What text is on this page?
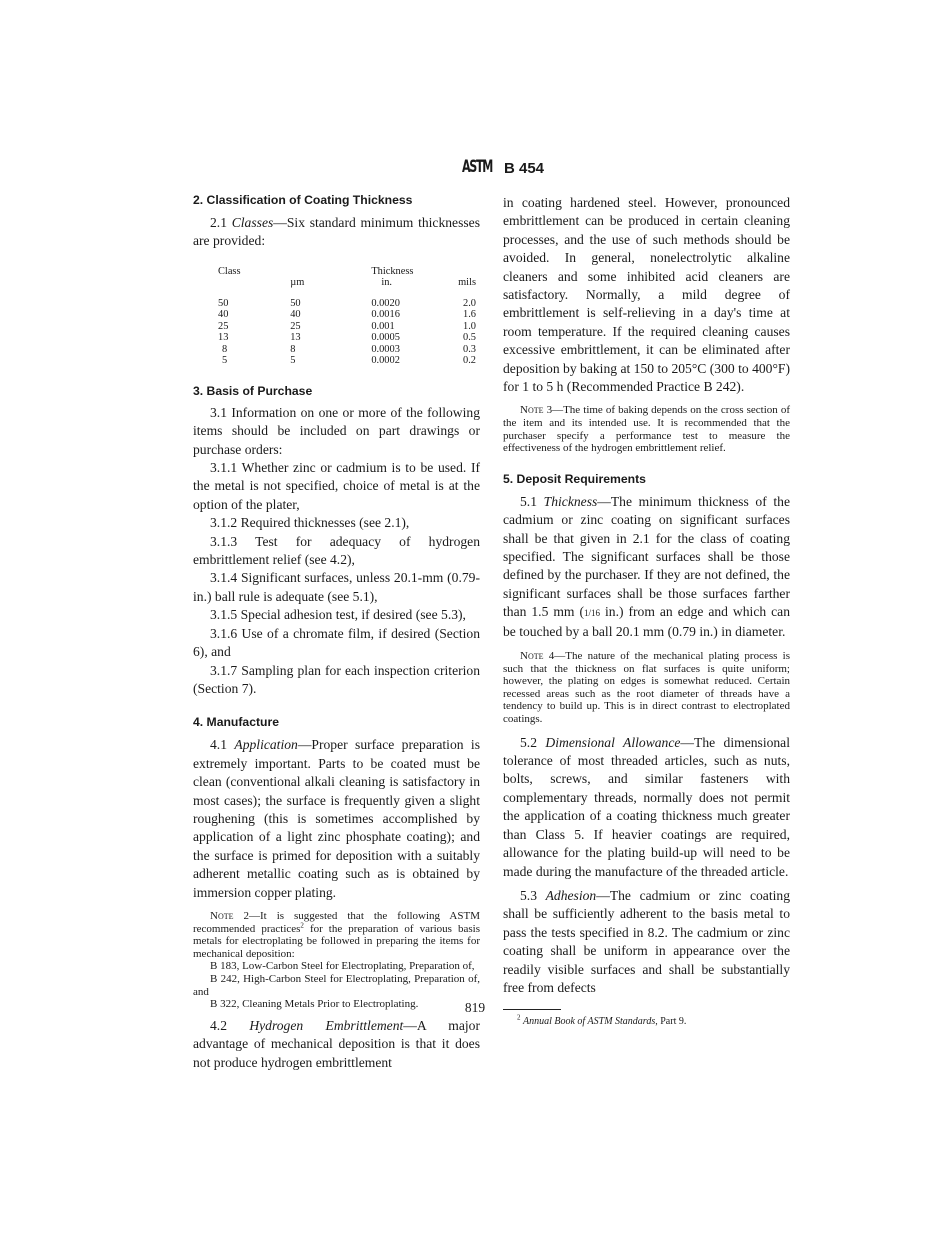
ASTM B 454
2. Classification of Coating Thickness

2.1 Classes—Six standard minimum thicknesses are provided:

Class		Thickness	
	µm	in.	mils

50	50	0.0020	2.0
40	40	0.0016	1.6
25	25	0.001	1.0
13	13	0.0005	0.5
8	8	0.0003	0.3
5	5	0.0002	0.2
3. Basis of Purchase

3.1 Information on one or more of the following items should be included on part drawings or purchase orders:

3.1.1 Whether zinc or cadmium is to be used. If the metal is not specified, choice of metal is at the option of the plater,

3.1.2 Required thicknesses (see 2.1),

3.1.3 Test for adequacy of hydrogen embrittlement relief (see 4.2),

3.1.4 Significant surfaces, unless 20.1-mm (0.79-in.) ball rule is adequate (see 5.1),

3.1.5 Special adhesion test, if desired (see 5.3),

3.1.6 Use of a chromate film, if desired (Section 6), and

3.1.7 Sampling plan for each inspection criterion (Section 7).

4. Manufacture

4.1 Application—Proper surface preparation is extremely important. Parts to be coated must be clean (conventional alkali cleaning is satisfactory in most cases); the surface is frequently given a slight roughening (this is sometimes accomplished by application of a light zinc phosphate coating); and the surface is primed for deposition with a suitably adherent metallic coating such as is obtained by immersion copper plating.

Note 2—It is suggested that the following ASTM recommended practices$^2$ for the preparation of various basis metals for electroplating be followed in preparing the items for mechanical deposition:

B 183, Low-Carbon Steel for Electroplating, Preparation of,

B 242, High-Carbon Steel for Electroplating, Preparation of, and

B 322, Cleaning Metals Prior to Electroplating.

4.2 Hydrogen Embrittlement—A major advantage of mechanical deposition is that it does not produce hydrogen embrittlement

in coating hardened steel. However, pronounced embrittlement can be produced in certain cleaning processes, and the use of such methods should be avoided. In general, nonelectrolytic alkaline cleaners and some inhibited acid cleaners are satisfactory. Normally, a mild degree of embrittlement is self-relieving in a day's time at room temperature. If the required cleaning causes excessive embrittlement, it can be eliminated after deposition by baking at 150 to 205°C (300 to 400°F) for 1 to 5 h (Recommended Practice B 242).

Note 3—The time of baking depends on the cross section of the item and its intended use. It is recommended that the purchaser specify a performance test to measure the effectiveness of the hydrogen embrittlement relief.

5. Deposit Requirements

5.1 Thickness—The minimum thickness of the cadmium or zinc coating on significant surfaces shall be that given in 2.1 for the class of coating specified. The significant surfaces shall be those defined by the purchaser. If they are not defined, the significant surfaces shall be those surfaces farther than 1.5 mm (1/16 in.) from an edge and which can be touched by a ball 20.1 mm (0.79 in.) in diameter.

Note 4—The nature of the mechanical plating process is such that the thickness on flat surfaces is quite uniform; however, the plating on edges is somewhat reduced. Certain recessed areas such as the root diameter of threads have a tendency to build up. This is in direct contrast to electroplated coatings.

5.2 Dimensional Allowance—The dimensional tolerance of most threaded articles, such as nuts, bolts, screws, and similar fasteners with complementary threads, normally does not permit the application of a coating thickness much greater than Class 5. If heavier coatings are required, allowance for the plating build-up will need to be made during the manufacture of the threaded article.

5.3 Adhesion—The cadmium or zinc coating shall be sufficiently adherent to the basis metal to pass the tests specified in 8.2. The cadmium or zinc coating shall be uniform in appearance over the readily visible surfaces and shall be substantially free from defects

$^2$ Annual Book of ASTM Standards, Part 9.

819
